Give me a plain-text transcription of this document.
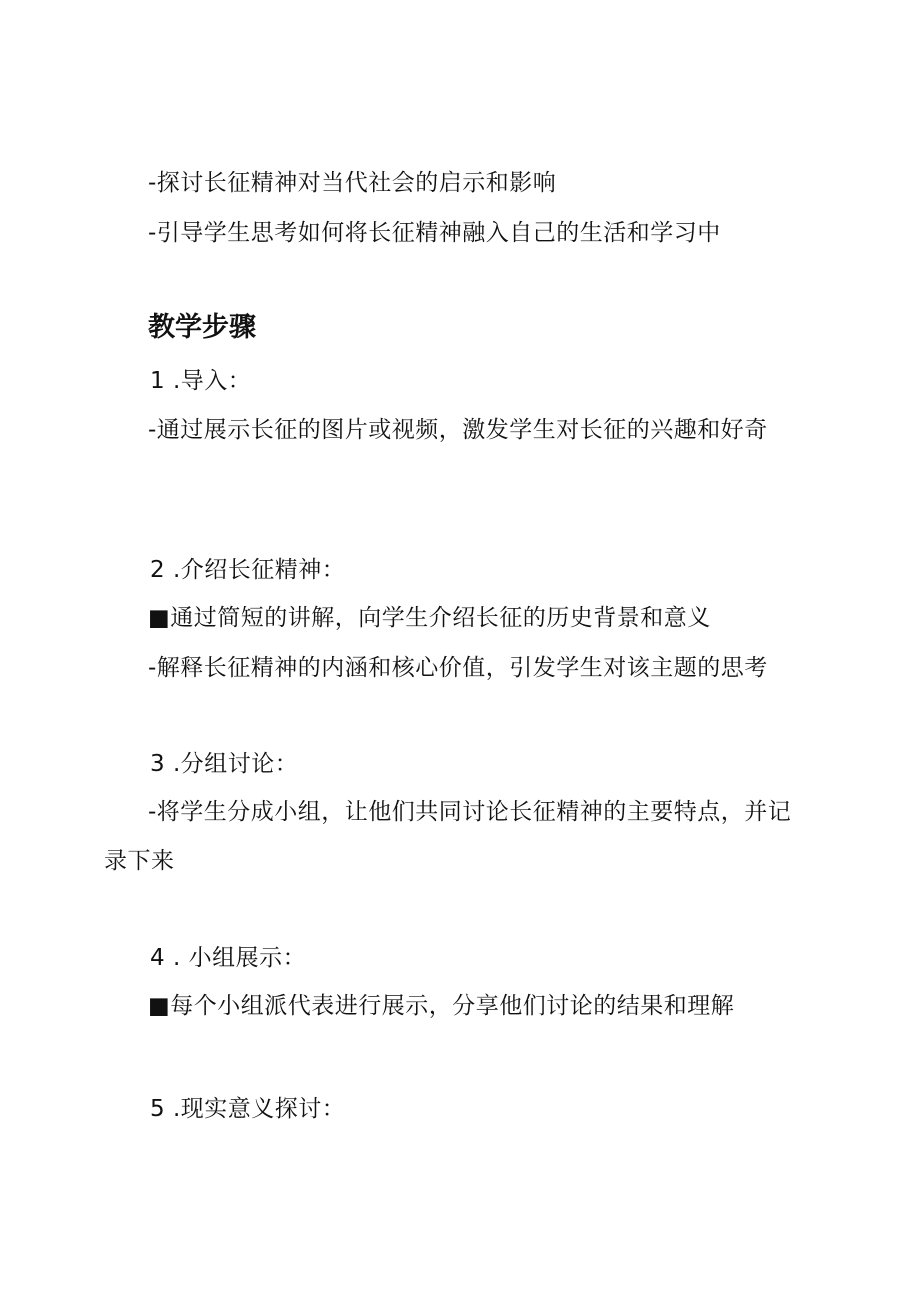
-探讨长征精神对当代社会的启示和影响
-引导学生思考如何将长征精神融入自己的生活和学习中
教学步骤
1 .导入：
-通过展示长征的图片或视频，激发学生对长征的兴趣和好奇
2 .介绍长征精神：
■通过简短的讲解，向学生介绍长征的历史背景和意义
-解释长征精神的内涵和核心价值，引发学生对该主题的思考
3 .分组讨论：
-将学生分成小组，让他们共同讨论长征精神的主要特点，并记
录下来
4 . 小组展示：
■每个小组派代表进行展示，分享他们讨论的结果和理解
5 .现实意义探讨：
